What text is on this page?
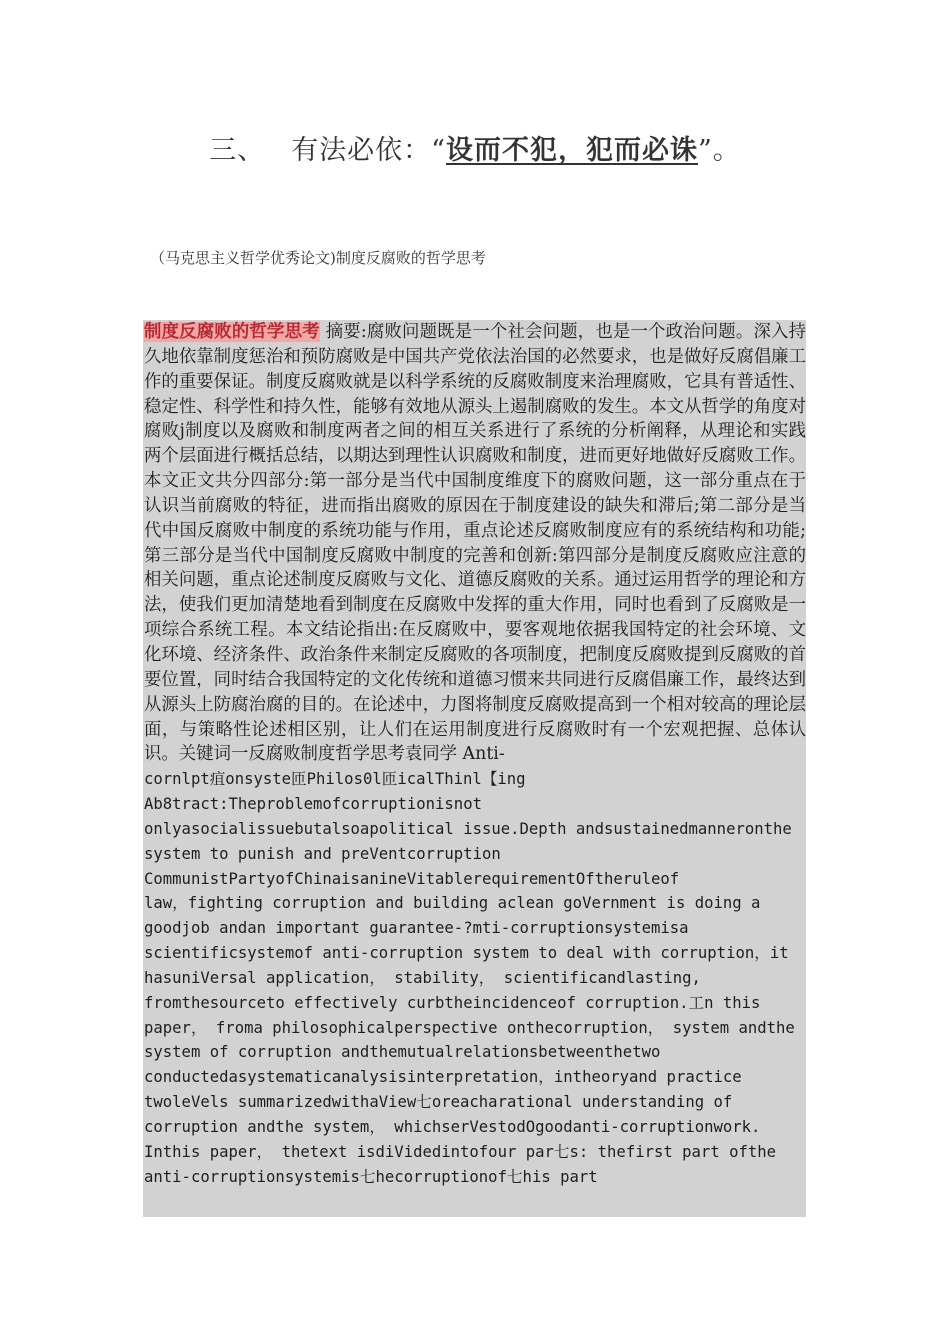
三、 有法必依：“设而不犯，犯而必诛”。
（马克思主义哲学优秀论文)制度反腐败的哲学思考

制度反腐败的哲学思考 摘要:腐败问题既是一个社会问题，也是一个政治问题。深入持久地依靠制度惩治和预防腐败是中国共产党依法治国的必然要求，也是做好反腐倡廉工作的重要保证。制度反腐败就是以科学系统的反腐败制度来治理腐败，它具有普适性、稳定性、科学性和持久性，能够有效地从源头上遏制腐败的发生。本文从哲学的角度对腐败j制度以及腐败和制度两者之间的相互关系进行了系统的分析阐释，从理论和实践两个层面进行概括总结，以期达到理性认识腐败和制度，进而更好地做好反腐败工作。本文正文共分四部分:第一部分是当代中国制度维度下的腐败问题，这一部分重点在于认识当前腐败的特征，进而指出腐败的原因在于制度建设的缺失和滞后;第二部分是当代中国反腐败中制度的系统功能与作用，重点论述反腐败制度应有的系统结构和功能;第三部分是当代中国制度反腐败中制度的完善和创新:第四部分是制度反腐败应注意的相关问题，重点论述制度反腐败与文化、道德反腐败的关系。通过运用哲学的理论和方法，使我们更加清楚地看到制度在反腐败中发挥的重大作用，同时也看到了反腐败是一项综合系统工程。本文结论指出:在反腐败中，要客观地依据我国特定的社会环境、文化环境、经济条件、政治条件来制定反腐败的各项制度，把制度反腐败提到反腐败的首要位置，同时结合我国特定的文化传统和道德习惯来共同进行反腐倡廉工作，最终达到从源头上防腐治腐的目的。在论述中，力图将制度反腐败提高到一个相对较高的理论层面，与策略性论述相区别，让人们在运用制度进行反腐败时有一个宏观把握、总体认识。关键词一反腐败制度哲学思考袁同学 Anti-

cornlpt疽onsyste匝Philos0l匝icalThinl【ing
Ab8tract:Theproblemofcorruptionisnot
onlyasocialissuebutalsoapolitical issue.Depth andsustainedmanneronthe
system to punish and preVentcorruption
CommunistPartyofChinaisanineVitablerequirementOftheruleof
law，fighting corruption and building aclean goVernment is doing a
goodjob andan important guarantee-?mti-corruptionsystemisa
scientificsystemof anti-corruption system to deal with corruption，it
hasuniVersal application， stability， scientificandlasting,
fromthesourceto effectively curbtheincidenceof corruption.工n this
paper， froma philosophicalperspective onthecorruption， system andthe
system of corruption andthemutualrelationsbetweenthetwo
conductedasystematicanalysisinterpretation，intheoryand practice
twoleVels summarizedwithaView七oreacharational understanding of
corruption andthe system， whichserVestodOgoodanti-corruptionwork.
Inthis paper， thetext isdiVidedintofour par七s: thefirst part ofthe
anti-corruptionsystemis七hecorruptionof七his part
